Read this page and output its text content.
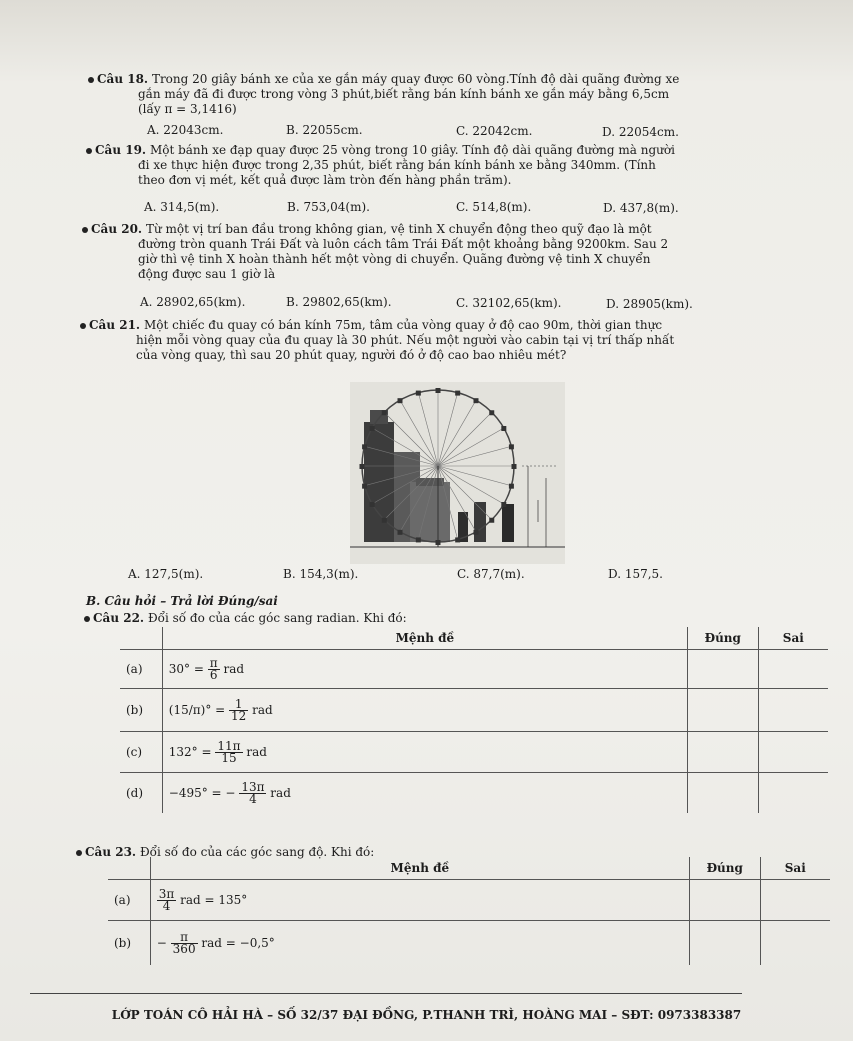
Câu 18. Trong 20 giây bánh xe của xe gắn máy quay được 60 vòng.Tính độ dài quãng đường xe
gắn máy đã đi được trong vòng 3 phút,biết rằng bán kính bánh xe gắn máy bằng 6,5cm
(lấy π = 3,1416)
A. 22043cm.	B. 22055cm.	C. 22042cm.	D. 22054cm.
Câu 19. Một bánh xe đạp quay được 25 vòng trong 10 giây. Tính độ dài quãng đường mà người
đi xe thực hiện được trong 2,35 phút, biết rằng bán kính bánh xe bằng 340mm. (Tính
theo đơn vị mét, kết quả được làm tròn đến hàng phần trăm).
A. 314,5(m).	B. 753,04(m).	C. 514,8(m).	D. 437,8(m).
Câu 20. Từ một vị trí ban đầu trong không gian, vệ tinh X chuyển động theo quỹ đạo là một
đường tròn quanh Trái Đất và luôn cách tâm Trái Đất một khoảng bằng 9200km. Sau 2
giờ thì vệ tinh X hoàn thành hết một vòng di chuyển. Quãng đường vệ tinh X chuyển
động được sau 1 giờ là
A. 28902,65(km).	B. 29802,65(km).	C. 32102,65(km).	D. 28905(km).
Câu 21. Một chiếc đu quay có bán kính 75m, tâm của vòng quay ở độ cao 90m, thời gian thực
hiện mỗi vòng quay của đu quay là 30 phút. Nếu một người vào cabin tại vị trí thấp nhất
của vòng quay, thì sau 20 phút quay, người đó ở độ cao bao nhiêu mét?
A. 127,5(m).	B. 154,3(m).	C. 87,7(m).	D. 157,5.
B. Câu hỏi – Trả lời Đúng/sai
Câu 22. Đổi số đo của các góc sang radian. Khi đó:
	Mệnh đề	Đúng	Sai
(a)	$30^\circ = \frac{\pi}{6}$ rad		
(b)	$(15/\pi)^\circ = \frac{1}{12}$ rad		
(c)	$132^\circ = \frac{11\pi}{15}$ rad		
(d)	−495° = − $\frac{13\pi}{4}$ rad		
Câu 23. Đổi số đo của các góc sang độ. Khi đó:
	Mệnh đề	Đúng	Sai
(a)	$\frac{3\pi}{4}$ rad = 135°		
(b)	− $\frac{\pi}{360}$ rad = −0,5°		
LỚP TOÁN CÔ HẢI HÀ – SỐ 32/37 ĐẠI ĐỒNG, P.THANH TRÌ, HOÀNG MAI – SĐT: 0973383387
